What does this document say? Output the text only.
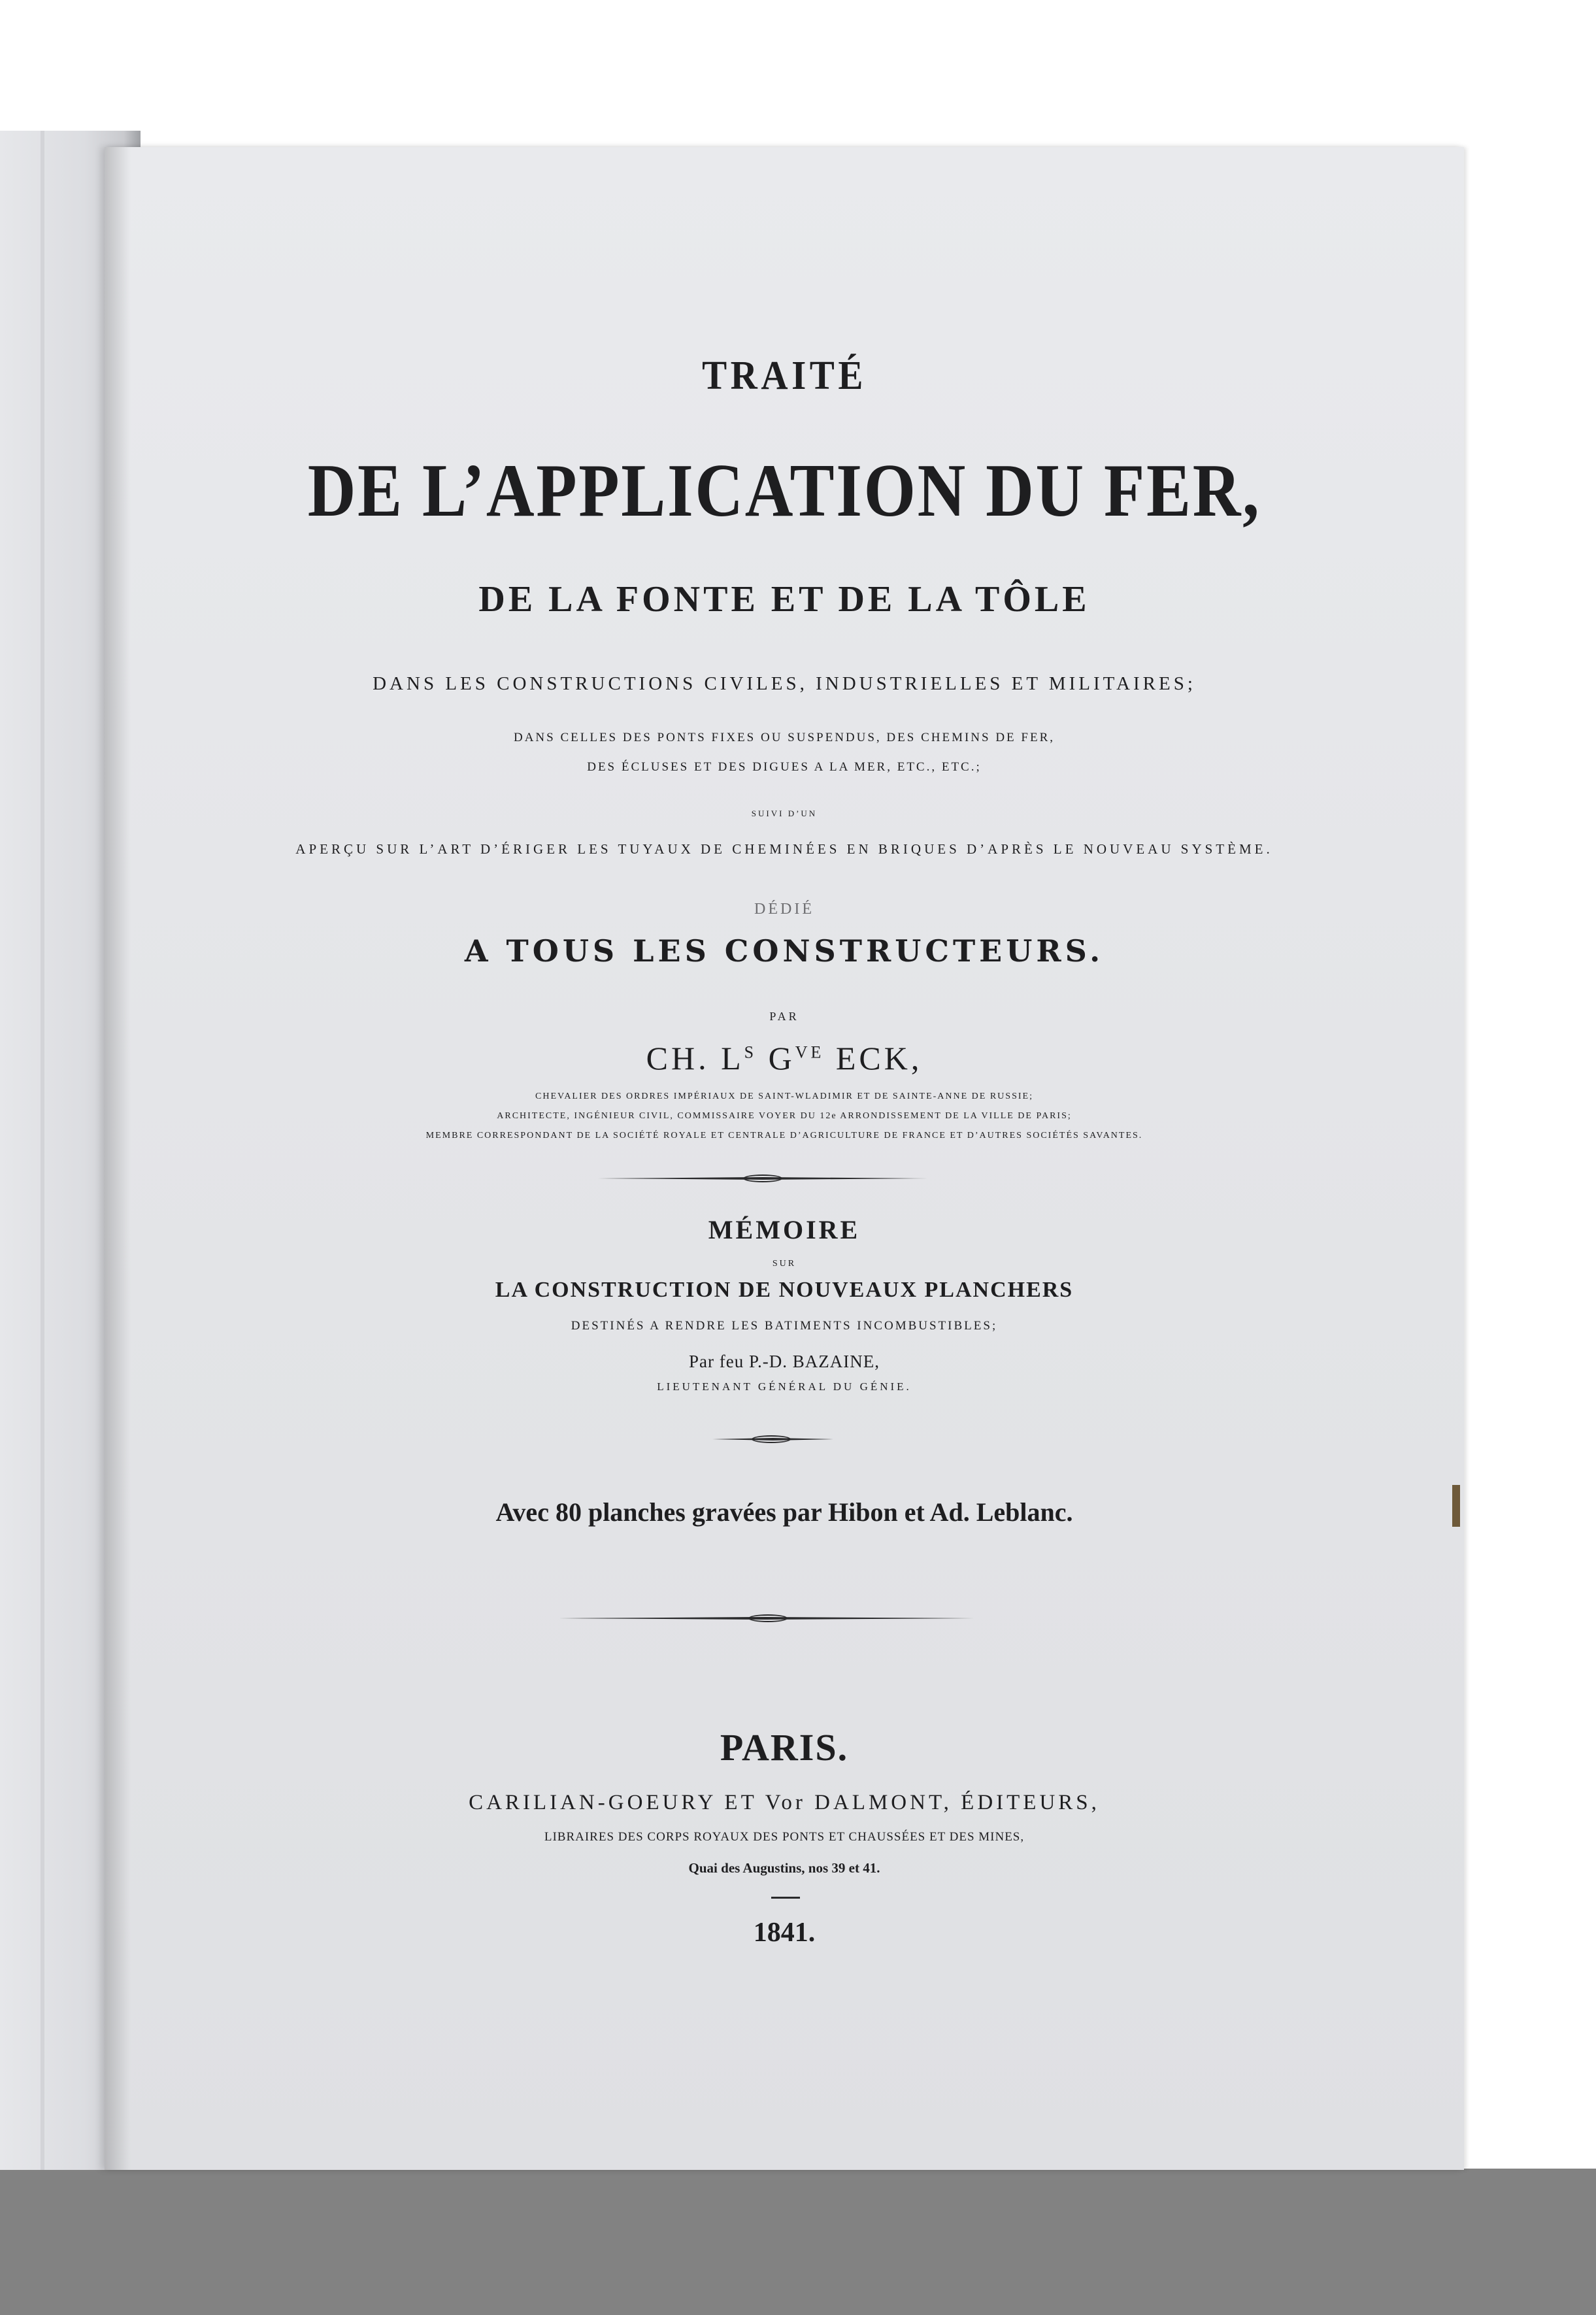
TRAITÉ

DE L’APPLICATION DU FER,

DE LA FONTE ET DE LA TÔLE

DANS LES CONSTRUCTIONS CIVILES, INDUSTRIELLES ET MILITAIRES;

DANS CELLES DES PONTS FIXES OU SUSPENDUS, DES CHEMINS DE FER,

DES ÉCLUSES ET DES DIGUES A LA MER, ETC., ETC.;

SUIVI D’UN

APERÇU SUR L’ART D’ÉRIGER LES TUYAUX DE CHEMINÉES EN BRIQUES D’APRÈS LE NOUVEAU SYSTÈME.

DÉDIÉ

A TOUS LES CONSTRUCTEURS.

PAR

CH. $L^S$ $G^{VE}$ ECK,

CHEVALIER DES ORDRES IMPÉRIAUX DE SAINT-WLADIMIR ET DE SAINTE-ANNE DE RUSSIE;

ARCHITECTE, INGÉNIEUR CIVIL, COMMISSAIRE VOYER DU 12e ARRONDISSEMENT DE LA VILLE DE PARIS;

MEMBRE CORRESPONDANT DE LA SOCIÉTÉ ROYALE ET CENTRALE D’AGRICULTURE DE FRANCE ET D’AUTRES SOCIÉTÉS SAVANTES.

MÉMOIRE

SUR

LA CONSTRUCTION DE NOUVEAUX PLANCHERS

DESTINÉS A RENDRE LES BATIMENTS INCOMBUSTIBLES;

Par feu P.-D. BAZAINE,

LIEUTENANT GÉNÉRAL DU GÉNIE.

Avec 80 planches gravées par Hibon et Ad. Leblanc.

PARIS.

CARILIAN-GOEURY ET Vor DALMONT, ÉDITEURS,

LIBRAIRES DES CORPS ROYAUX DES PONTS ET CHAUSSÉES ET DES MINES,

Quai des Augustins, nos 39 et 41.

1841.
